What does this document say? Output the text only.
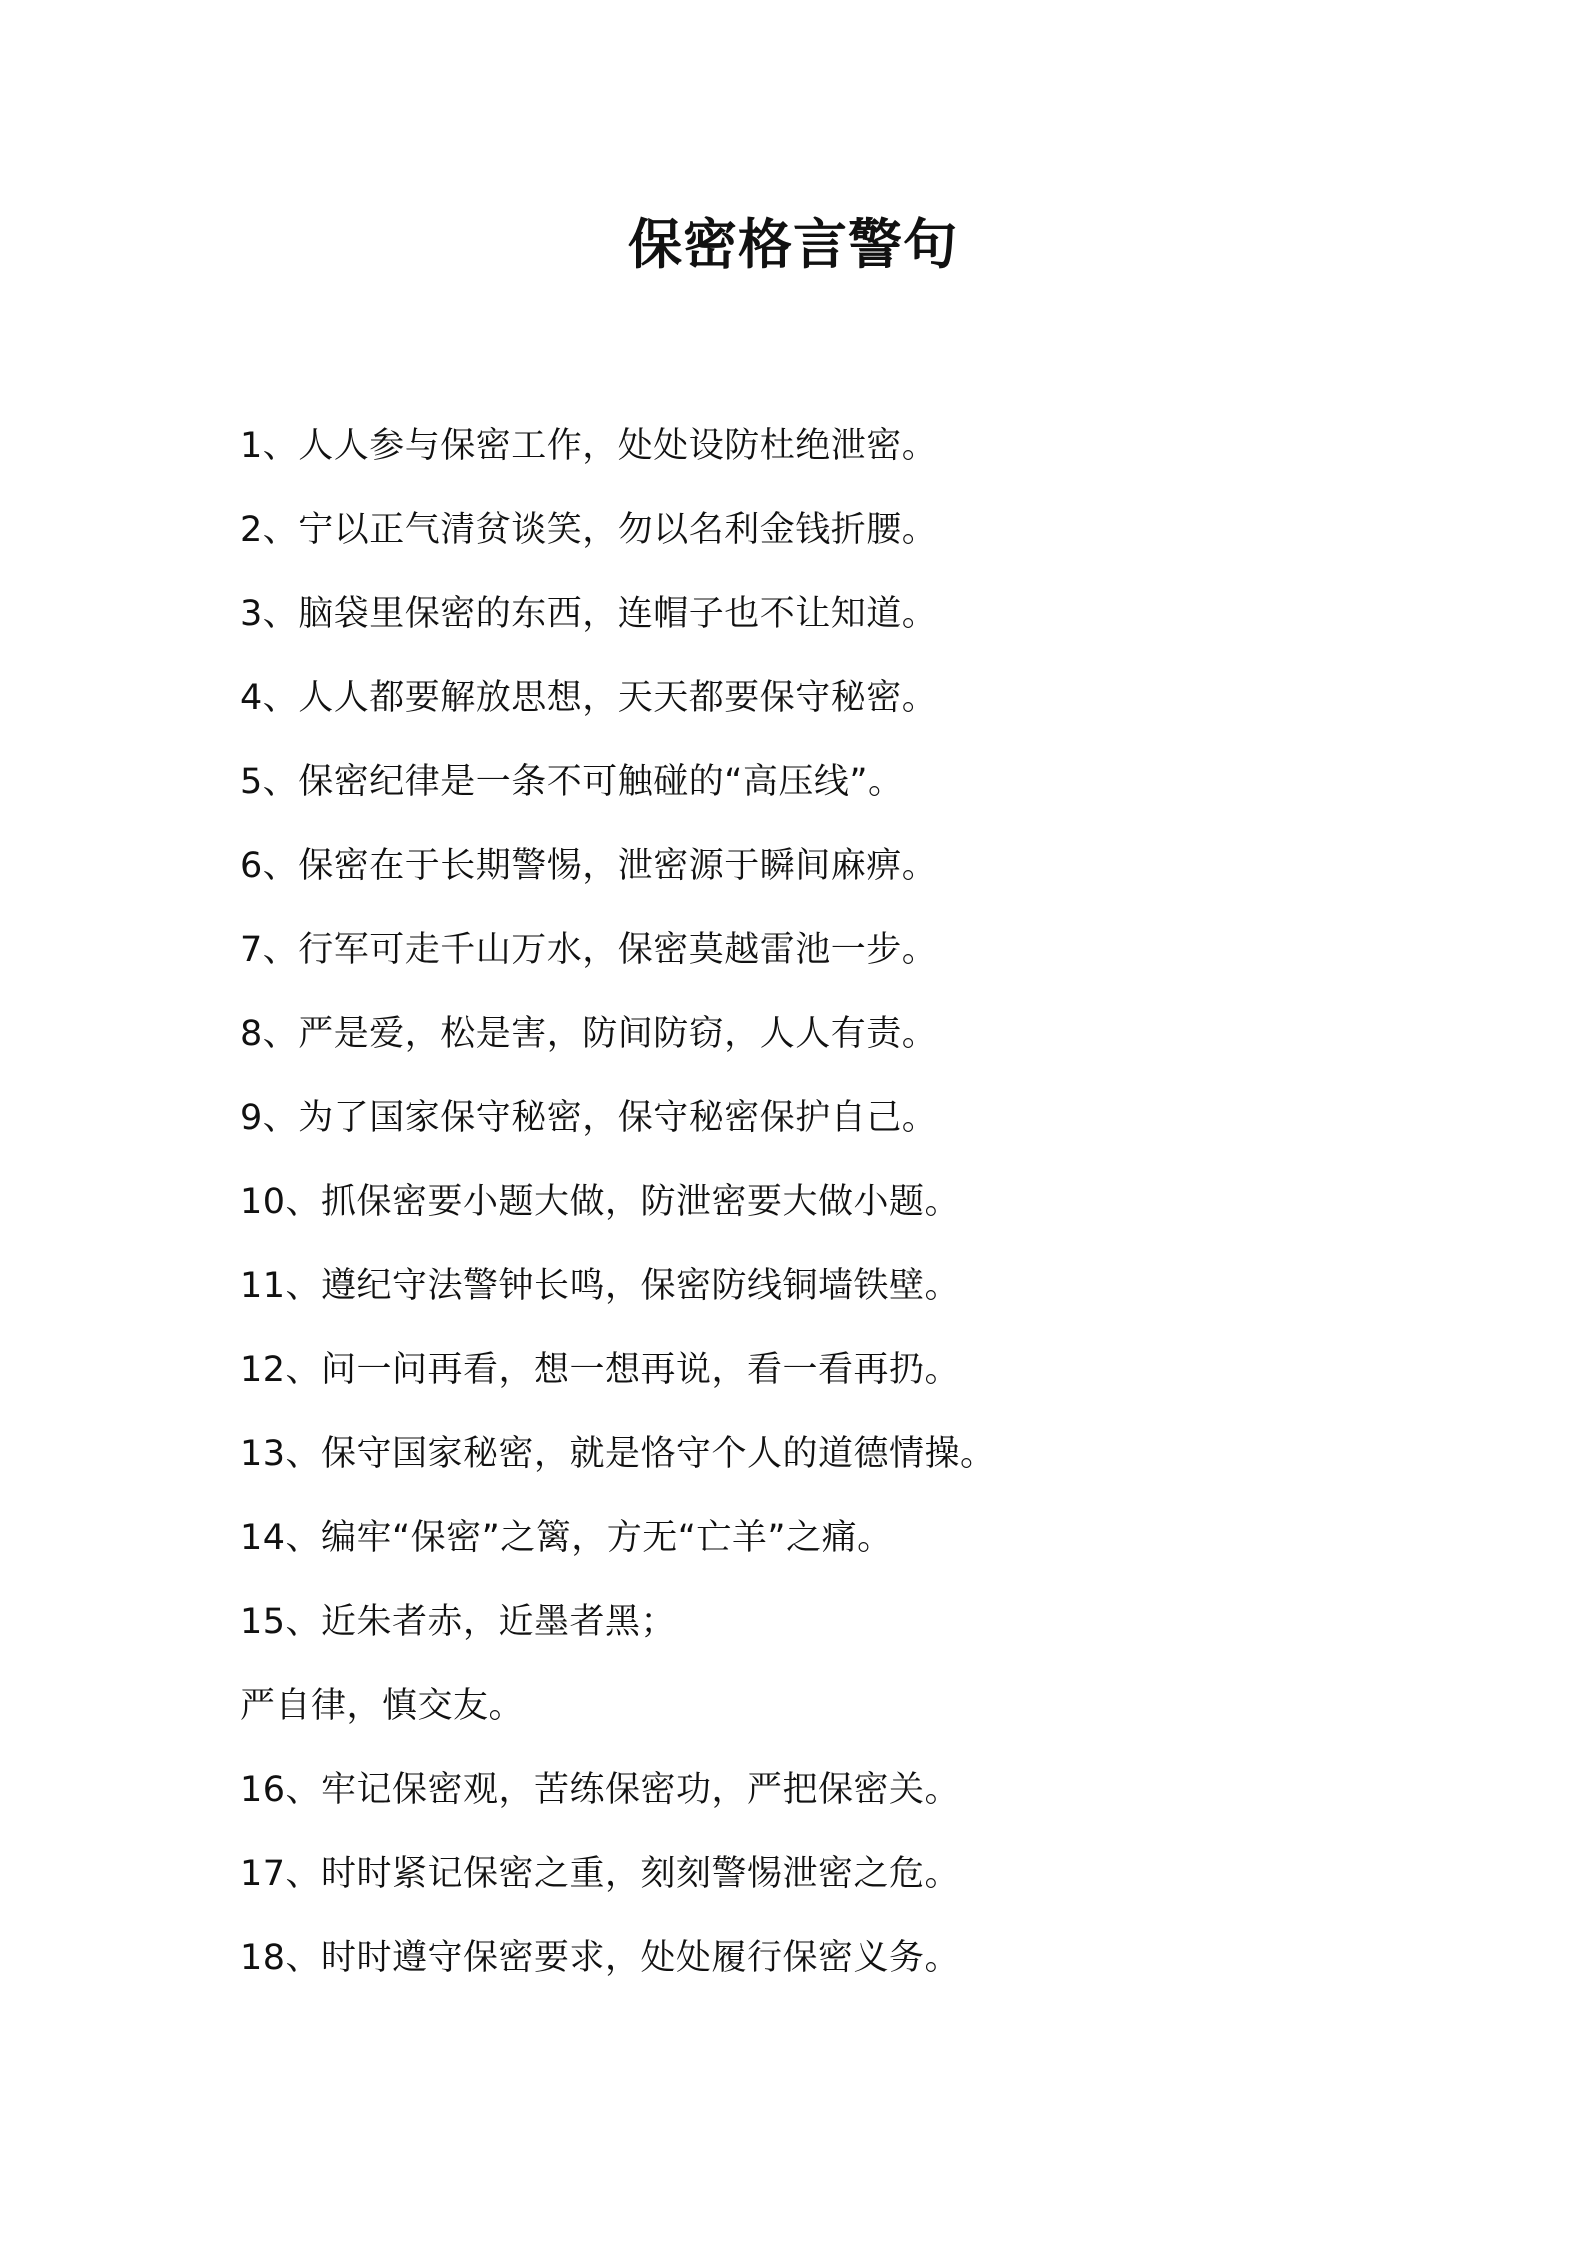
保密格言警句
1、人人参与保密工作，处处设防杜绝泄密。
2、宁以正气清贫谈笑，勿以名利金钱折腰。
3、脑袋里保密的东西，连帽子也不让知道。
4、人人都要解放思想，天天都要保守秘密。
5、保密纪律是一条不可触碰的“高压线”。
6、保密在于长期警惕，泄密源于瞬间麻痹。
7、行军可走千山万水，保密莫越雷池一步。
8、严是爱，松是害，防间防窃，人人有责。
9、为了国家保守秘密，保守秘密保护自己。
10、抓保密要小题大做，防泄密要大做小题。
11、遵纪守法警钟长鸣，保密防线铜墙铁壁。
12、问一问再看，想一想再说，看一看再扔。
13、保守国家秘密，就是恪守个人的道德情操。
14、编牢“保密”之篱，方无“亡羊”之痛。
15、近朱者赤，近墨者黑；
严自律，慎交友。
16、牢记保密观，苦练保密功，严把保密关。
17、时时紧记保密之重，刻刻警惕泄密之危。
18、时时遵守保密要求，处处履行保密义务。
